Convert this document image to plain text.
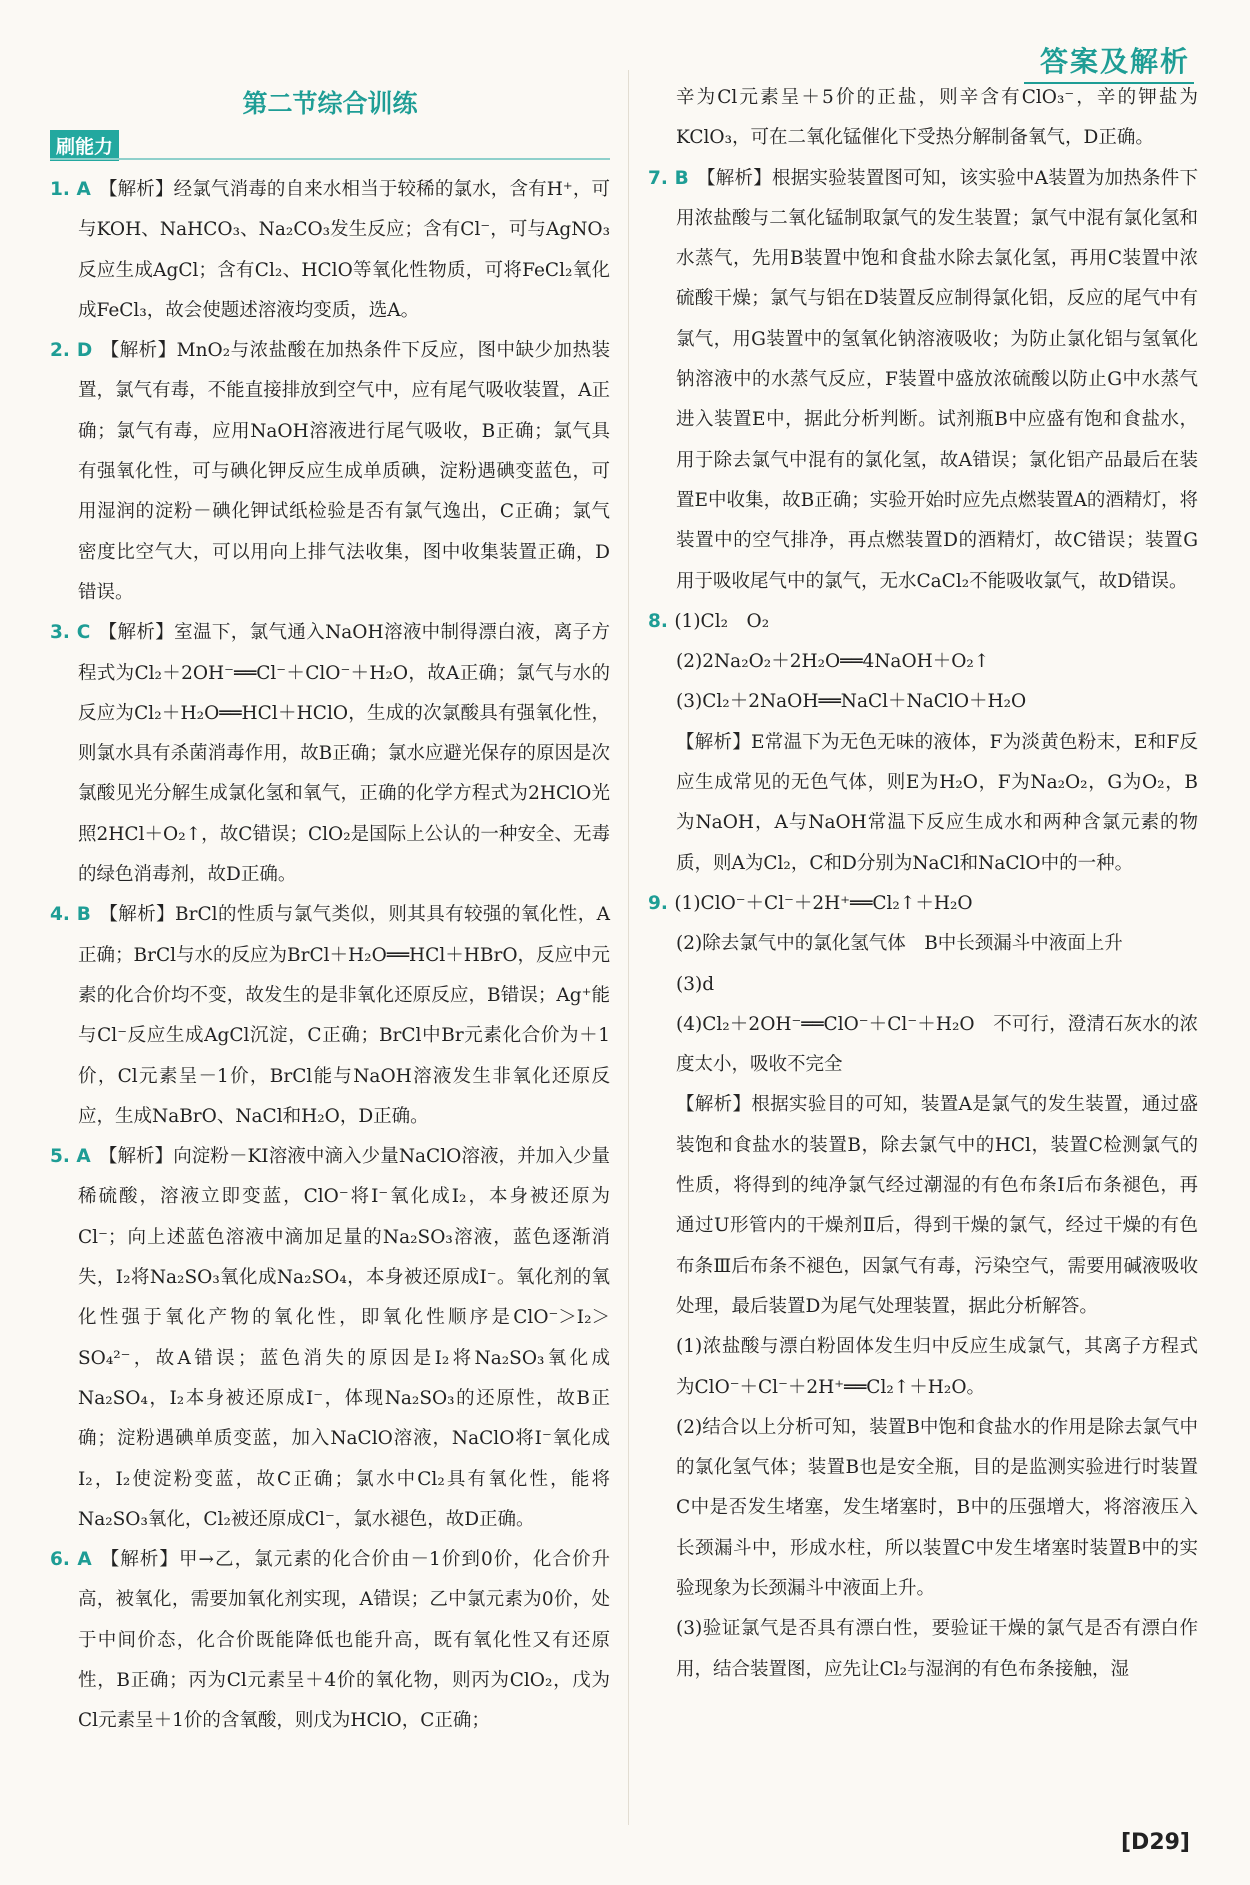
答案及解析
第二节综合训练
刷能力

1. A 【解析】经氯气消毒的自来水相当于较稀的氯水，含有H⁺，可与KOH、NaHCO₃、Na₂CO₃发生反应；含有Cl⁻，可与AgNO₃反应生成AgCl；含有Cl₂、HClO等氧化性物质，可将FeCl₂氧化成FeCl₃，故会使题述溶液均变质，选A。

2. D 【解析】MnO₂与浓盐酸在加热条件下反应，图中缺少加热装置，氯气有毒，不能直接排放到空气中，应有尾气吸收装置，A正确；氯气有毒，应用NaOH溶液进行尾气吸收，B正确；氯气具有强氧化性，可与碘化钾反应生成单质碘，淀粉遇碘变蓝色，可用湿润的淀粉－碘化钾试纸检验是否有氯气逸出，C正确；氯气密度比空气大，可以用向上排气法收集，图中收集装置正确，D错误。

3. C 【解析】室温下，氯气通入NaOH溶液中制得漂白液，离子方程式为Cl₂＋2OH⁻══Cl⁻＋ClO⁻＋H₂O，故A正确；氯气与水的反应为Cl₂＋H₂O══HCl＋HClO，生成的次氯酸具有强氧化性，则氯水具有杀菌消毒作用，故B正确；氯水应避光保存的原因是次氯酸见光分解生成氯化氢和氧气，正确的化学方程式为2HClO光照2HCl＋O₂↑，故C错误；ClO₂是国际上公认的一种安全、无毒的绿色消毒剂，故D正确。

4. B 【解析】BrCl的性质与氯气类似，则其具有较强的氧化性，A正确；BrCl与水的反应为BrCl＋H₂O══HCl＋HBrO，反应中元素的化合价均不变，故发生的是非氧化还原反应，B错误；Ag⁺能与Cl⁻反应生成AgCl沉淀，C正确；BrCl中Br元素化合价为＋1价，Cl元素呈－1价，BrCl能与NaOH溶液发生非氧化还原反应，生成NaBrO、NaCl和H₂O，D正确。

5. A 【解析】向淀粉－KI溶液中滴入少量NaClO溶液，并加入少量稀硫酸，溶液立即变蓝，ClO⁻将I⁻氧化成I₂，本身被还原为Cl⁻；向上述蓝色溶液中滴加足量的Na₂SO₃溶液，蓝色逐渐消失，I₂将Na₂SO₃氧化成Na₂SO₄，本身被还原成I⁻。氧化剂的氧化性强于氧化产物的氧化性，即氧化性顺序是ClO⁻＞I₂＞SO₄²⁻，故A错误；蓝色消失的原因是I₂将Na₂SO₃氧化成Na₂SO₄，I₂本身被还原成I⁻，体现Na₂SO₃的还原性，故B正确；淀粉遇碘单质变蓝，加入NaClO溶液，NaClO将I⁻氧化成I₂，I₂使淀粉变蓝，故C正确；氯水中Cl₂具有氧化性，能将Na₂SO₃氧化，Cl₂被还原成Cl⁻，氯水褪色，故D正确。

6. A 【解析】甲→乙，氯元素的化合价由－1价到0价，化合价升高，被氧化，需要加氧化剂实现，A错误；乙中氯元素为0价，处于中间价态，化合价既能降低也能升高，既有氧化性又有还原性，B正确；丙为Cl元素呈＋4价的氧化物，则丙为ClO₂，戊为Cl元素呈＋1价的含氧酸，则戊为HClO，C正确；

辛为Cl元素呈＋5价的正盐，则辛含有ClO₃⁻，辛的钾盐为KClO₃，可在二氧化锰催化下受热分解制备氧气，D正确。

7. B 【解析】根据实验装置图可知，该实验中A装置为加热条件下用浓盐酸与二氧化锰制取氯气的发生装置；氯气中混有氯化氢和水蒸气，先用B装置中饱和食盐水除去氯化氢，再用C装置中浓硫酸干燥；氯气与铝在D装置反应制得氯化铝，反应的尾气中有氯气，用G装置中的氢氧化钠溶液吸收；为防止氯化铝与氢氧化钠溶液中的水蒸气反应，F装置中盛放浓硫酸以防止G中水蒸气进入装置E中，据此分析判断。试剂瓶B中应盛有饱和食盐水，用于除去氯气中混有的氯化氢，故A错误；氯化铝产品最后在装置E中收集，故B正确；实验开始时应先点燃装置A的酒精灯，将装置中的空气排净，再点燃装置D的酒精灯，故C错误；装置G用于吸收尾气中的氯气，无水CaCl₂不能吸收氯气，故D错误。

8. (1)Cl₂　O₂

(2)2Na₂O₂＋2H₂O══4NaOH＋O₂↑

(3)Cl₂＋2NaOH══NaCl＋NaClO＋H₂O

【解析】E常温下为无色无味的液体，F为淡黄色粉末，E和F反应生成常见的无色气体，则E为H₂O，F为Na₂O₂，G为O₂，B为NaOH，A与NaOH常温下反应生成水和两种含氯元素的物质，则A为Cl₂，C和D分别为NaCl和NaClO中的一种。

9. (1)ClO⁻＋Cl⁻＋2H⁺══Cl₂↑＋H₂O

(2)除去氯气中的氯化氢气体　B中长颈漏斗中液面上升

(3)d

(4)Cl₂＋2OH⁻══ClO⁻＋Cl⁻＋H₂O　不可行，澄清石灰水的浓度太小，吸收不完全

【解析】根据实验目的可知，装置A是氯气的发生装置，通过盛装饱和食盐水的装置B，除去氯气中的HCl，装置C检测氯气的性质，将得到的纯净氯气经过潮湿的有色布条Ⅰ后布条褪色，再通过U形管内的干燥剂Ⅱ后，得到干燥的氯气，经过干燥的有色布条Ⅲ后布条不褪色，因氯气有毒，污染空气，需要用碱液吸收处理，最后装置D为尾气处理装置，据此分析解答。

(1)浓盐酸与漂白粉固体发生归中反应生成氯气，其离子方程式为ClO⁻＋Cl⁻＋2H⁺══Cl₂↑＋H₂O。

(2)结合以上分析可知，装置B中饱和食盐水的作用是除去氯气中的氯化氢气体；装置B也是安全瓶，目的是监测实验进行时装置C中是否发生堵塞，发生堵塞时，B中的压强增大，将溶液压入长颈漏斗中，形成水柱，所以装置C中发生堵塞时装置B中的实验现象为长颈漏斗中液面上升。

(3)验证氯气是否具有漂白性，要验证干燥的氯气是否有漂白作用，结合装置图，应先让Cl₂与湿润的有色布条接触，湿

[D29]
